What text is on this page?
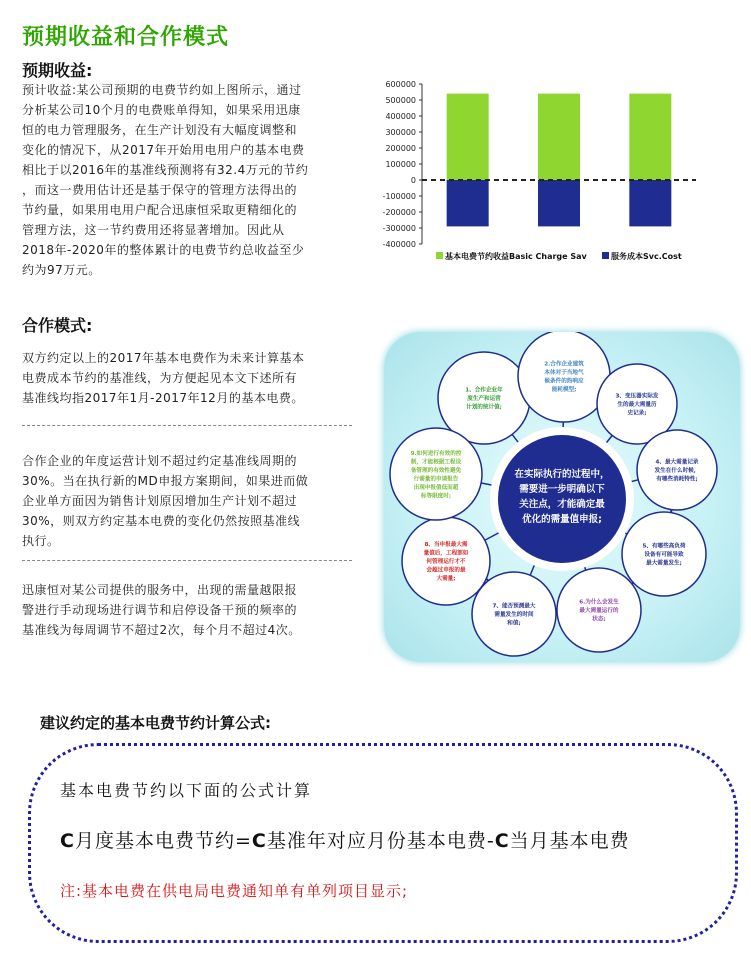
预期收益和合作模式
预期收益:
预计收益:某公司预期的电费节约如上图所示，通过
分析某公司10个月的电费账单得知，如果采用迅康
恒的电力管理服务，在生产计划没有大幅度调整和
变化的情况下，从2017年开始用电用户的基本电费
相比于以2016年的基准线预测将有32.4万元的节约
，而这一费用估计还是基于保守的管理方法得出的
节约量，如果用电用户配合迅康恒采取更精细化的
管理方法，这一节约费用还将显著增加。因此从
2018年-2020年的整体累计的电费节约总收益至少
约为97万元。
600000
500000
400000
300000
200000
100000
0
-100000
-200000
-300000
-400000
基本电费节约收益Basic Charge Sav	服务成本Svc.Cost
合作模式:
双方约定以上的2017年基本电费作为未来计算基本
电费成本节约的基准线，为方便起见本文下述所有
基准线均指2017年1月-2017年12月的基本电费。
合作企业的年度运营计划不超过约定基准线周期的
30%。当在执行新的MD申报方案期间，如果进而做
企业单方面因为销售计划原因增加生产计划不超过
30%，则双方约定基本电费的变化仍然按照基准线
执行。
迅康恒对某公司提供的服务中，出现的需量越限报
警进行手动现场进行调节和启停设备干预的频率的
基准线为每周调节不超过2次，每个月不超过4次。
在实际执行的过程中，
需要进一步明确以下
关注点，才能确定最
优化的需量值申报;
1、合作企业年
度生产和运营
计划的统计值;
2.合作企业建筑
本体对于当地气
候条件的热响应
能耗模型;
3、变压器实际发
生的最大需量历
史记录;
4、最大需量记录
发生在什么时候，
有哪些消耗特性;
5、有哪些高负荷
设备有可能导致
最大需量发生;
6.为什么会发生
最大需量运行的
状态;
7、能否预测最大
需量发生的时间
和值;
8、当申报最大需
量值后，工程部如
何管理运行才不
会超过申报的最
大需量;
9.如何进行有效的控
制，才能根据工程设
备管理的有效性避免
行需量的申请报告
出现申报值低而超
标等限度时;
建议约定的基本电费节约计算公式:
基本电费节约以下面的公式计算
C月度基本电费节约=C基准年对应月份基本电费-C当月基本电费
注:基本电费在供电局电费通知单有单列项目显示;
